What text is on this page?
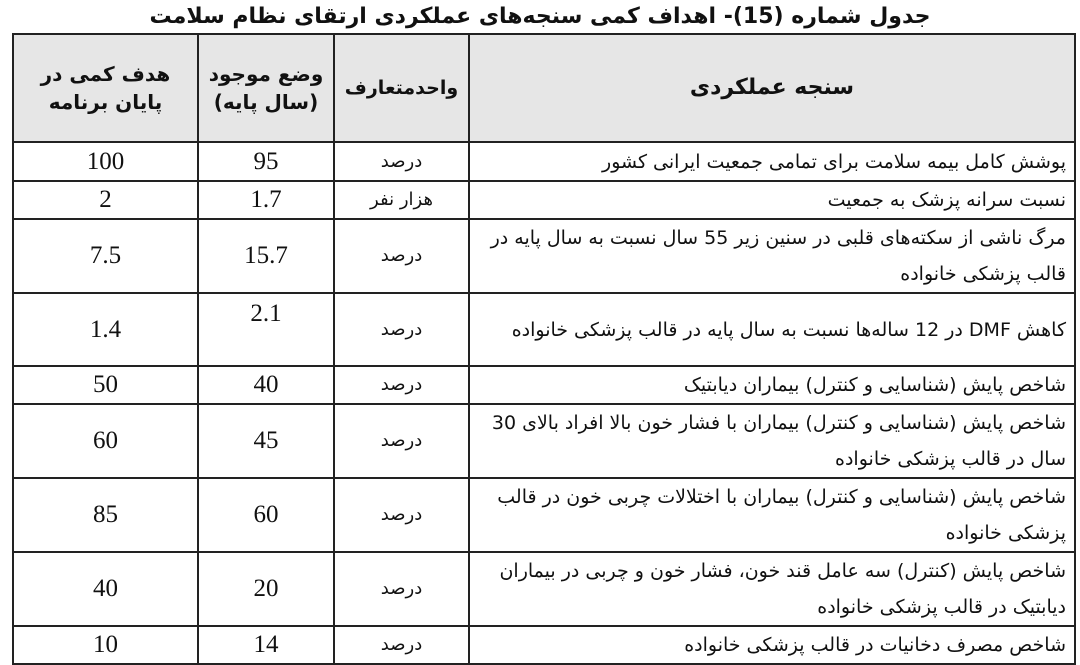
جدول شماره (15)- اهداف کمی سنجه‌های عملکردی ارتقای نظام سلامت
سنجه عملکردی	واحدمتعارف	وضع موجود (سال پایه)	هدف کمی در پایان برنامه
پوشش کامل بیمه سلامت برای تمامی جمعیت ایرانی کشور	درصد	95	100
نسبت سرانه پزشک به جمعیت	هزار نفر	1.7	2
مرگ ناشی از سکته‌های قلبی در سنین زیر 55 سال نسبت به سال پایه در قالب پزشکی خانواده	درصد	15.7	7.5
کاهش DMF در 12 ساله‌ها نسبت به سال پایه در قالب پزشکی خانواده	درصد	2.1	1.4
شاخص پایش (شناسایی و کنترل) بیماران دیابتیک	درصد	40	50
شاخص پایش (شناسایی و کنترل) بیماران با فشار خون بالا افراد بالای 30 سال در قالب پزشکی خانواده	درصد	45	60
شاخص پایش (شناسایی و کنترل) بیماران با اختلالات چربی خون در قالب پزشکی خانواده	درصد	60	85
شاخص پایش (کنترل) سه عامل قند خون، فشار خون و چربی در بیماران دیابتیک در قالب پزشکی خانواده	درصد	20	40
شاخص مصرف دخانیات در قالب پزشکی خانواده	درصد	14	10
